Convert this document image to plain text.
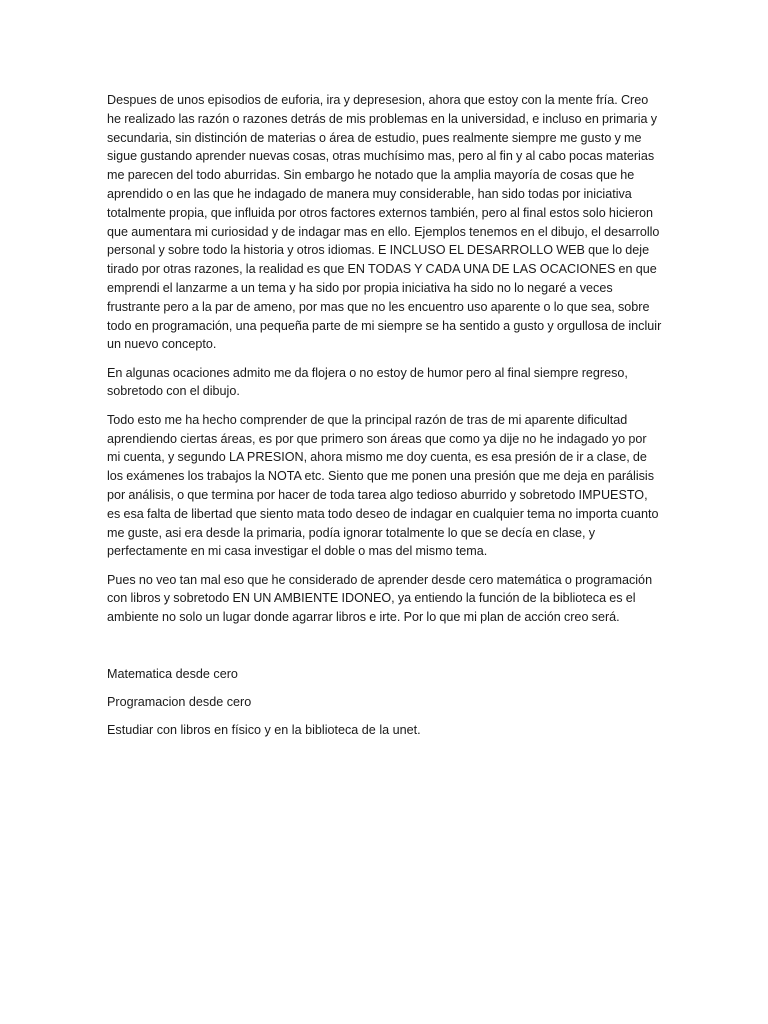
Despues de unos episodios de euforia, ira y depresesion, ahora que estoy con la mente fría. Creo he realizado las razón o razones detrás de mis problemas en la universidad, e incluso en primaria y secundaria, sin distinción de materias o área de estudio, pues realmente siempre me gusto y me sigue gustando aprender nuevas cosas, otras muchísimo mas, pero al fin y al cabo pocas materias me parecen del todo aburridas. Sin embargo he notado que la amplia mayoría de cosas que he aprendido o en las que he indagado de manera muy considerable, han sido todas por iniciativa totalmente propia, que influida por otros factores externos también, pero al final estos solo hicieron que aumentara mi curiosidad y de indagar mas en ello. Ejemplos tenemos en el dibujo, el desarrollo personal y sobre todo la historia y otros idiomas. E INCLUSO EL DESARROLLO WEB que lo deje tirado por otras razones, la realidad es que EN TODAS Y CADA UNA DE LAS OCACIONES en que emprendi el lanzarme a un tema y ha sido por propia iniciativa ha sido no lo negaré a veces frustrante pero a la par de ameno, por mas que no les encuentro uso aparente o lo que sea, sobre todo en programación, una pequeña parte de mi siempre se ha sentido a gusto y orgullosa de incluir un nuevo concepto.

En algunas ocaciones admito me da flojera o no estoy de humor pero al final siempre regreso, sobretodo con el dibujo.

Todo esto me ha hecho comprender de que la principal razón de tras de mi aparente dificultad aprendiendo ciertas áreas, es por que primero son áreas que como ya dije no he indagado yo por mi cuenta, y segundo LA PRESION, ahora mismo me doy cuenta, es esa presión de ir a clase, de los exámenes los trabajos la NOTA etc. Siento que me ponen una presión que me deja en parálisis por análisis, o que termina por hacer de toda tarea algo tedioso aburrido y sobretodo IMPUESTO, es esa falta de libertad que siento mata todo deseo de indagar en cualquier tema no importa cuanto me guste, asi era desde la primaria, podía ignorar totalmente lo que se decía en clase, y perfectamente en mi casa investigar el doble o mas del mismo tema.

Pues no veo tan mal eso que he considerado de aprender desde cero matemática o programación con libros y sobretodo EN UN AMBIENTE IDONEO, ya entiendo la función de la biblioteca es el ambiente no solo un lugar donde agarrar libros e irte. Por lo que mi plan de acción creo será.

Matematica desde cero

Programacion desde cero

Estudiar con libros en físico y en la biblioteca de la unet.
